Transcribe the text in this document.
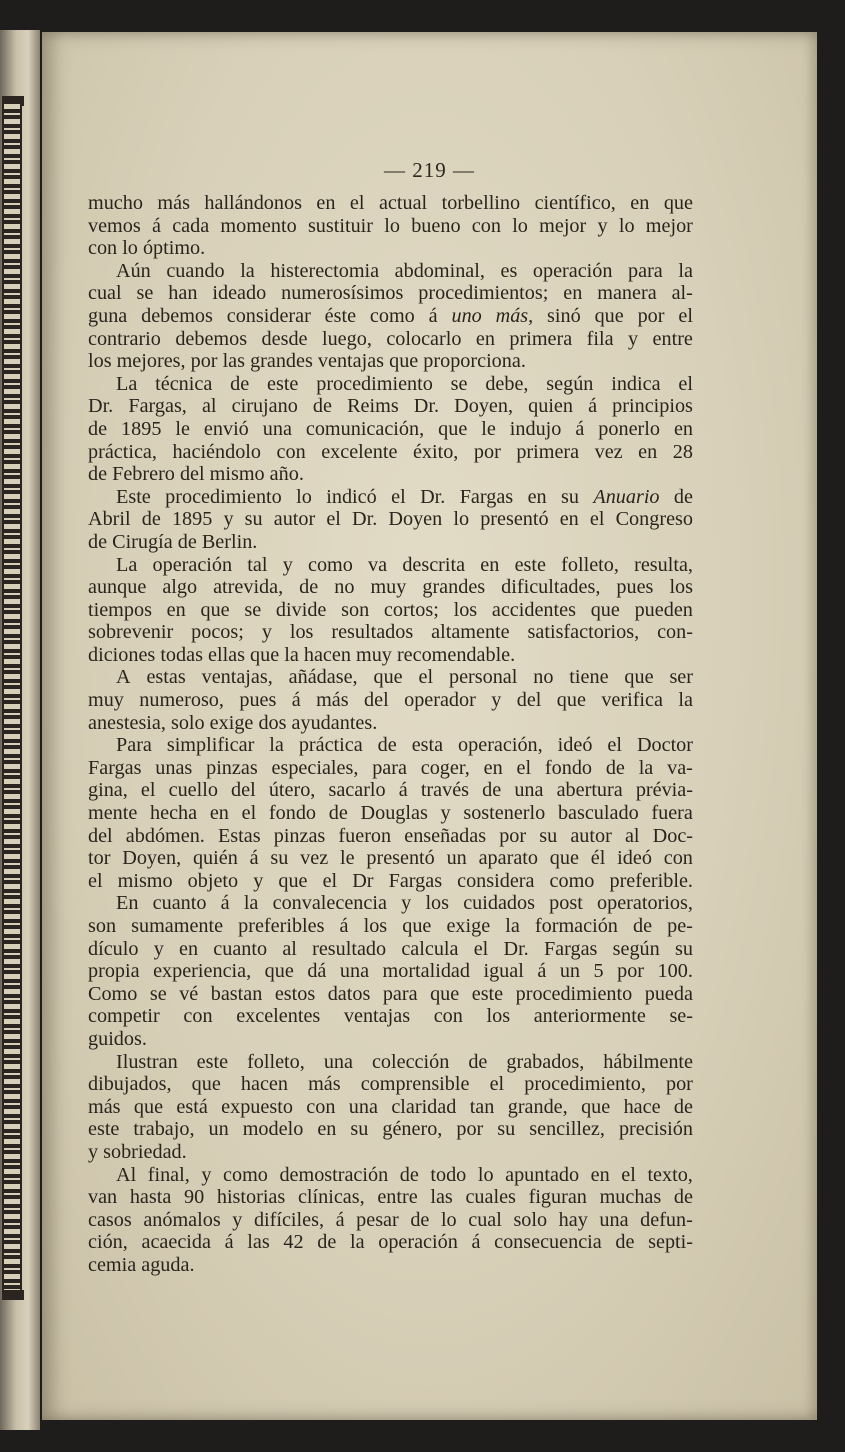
— 219 —
mucho más hallándonos en el actual torbellino científico, en que
vemos á cada momento sustituir lo bueno con lo mejor y lo mejor
con lo óptimo.
Aún cuando la histerectomia abdominal, es operación para la
cual se han ideado numerosísimos procedimientos; en manera al-
guna debemos considerar éste como á uno más, sinó que por el
contrario debemos desde luego, colocarlo en primera fila y entre
los mejores, por las grandes ventajas que proporciona.
La técnica de este procedimiento se debe, según indica el
Dr. Fargas, al cirujano de Reims Dr. Doyen, quien á principios
de 1895 le envió una comunicación, que le indujo á ponerlo en
práctica, haciéndolo con excelente éxito, por primera vez en 28
de Febrero del mismo año.
Este procedimiento lo indicó el Dr. Fargas en su Anuario de
Abril de 1895 y su autor el Dr. Doyen lo presentó en el Congreso
de Cirugía de Berlin.
La operación tal y como va descrita en este folleto, resulta,
aunque algo atrevida, de no muy grandes dificultades, pues los
tiempos en que se divide son cortos; los accidentes que pueden
sobrevenir pocos; y los resultados altamente satisfactorios, con-
diciones todas ellas que la hacen muy recomendable.
A estas ventajas, añádase, que el personal no tiene que ser
muy numeroso, pues á más del operador y del que verifica la
anestesia, solo exige dos ayudantes.
Para simplificar la práctica de esta operación, ideó el Doctor
Fargas unas pinzas especiales, para coger, en el fondo de la va-
gina, el cuello del útero, sacarlo á través de una abertura prévia-
mente hecha en el fondo de Douglas y sostenerlo basculado fuera
del abdómen. Estas pinzas fueron enseñadas por su autor al Doc-
tor Doyen, quién á su vez le presentó un aparato que él ideó con
el mismo objeto y que el Dr Fargas considera como preferible.
En cuanto á la convalecencia y los cuidados post operatorios,
son sumamente preferibles á los que exige la formación de pe-
dículo y en cuanto al resultado calcula el Dr. Fargas según su
propia experiencia, que dá una mortalidad igual á un 5 por 100.
Como se vé bastan estos datos para que este procedimiento pueda
competir con excelentes ventajas con los anteriormente se-
guidos.
Ilustran este folleto, una colección de grabados, hábilmente
dibujados, que hacen más comprensible el procedimiento, por
más que está expuesto con una claridad tan grande, que hace de
este trabajo, un modelo en su género, por su sencillez, precisión
y sobriedad.
Al final, y como demostración de todo lo apuntado en el texto,
van hasta 90 historias clínicas, entre las cuales figuran muchas de
casos anómalos y difíciles, á pesar de lo cual solo hay una defun-
ción, acaecida á las 42 de la operación á consecuencia de septi-
cemia aguda.
